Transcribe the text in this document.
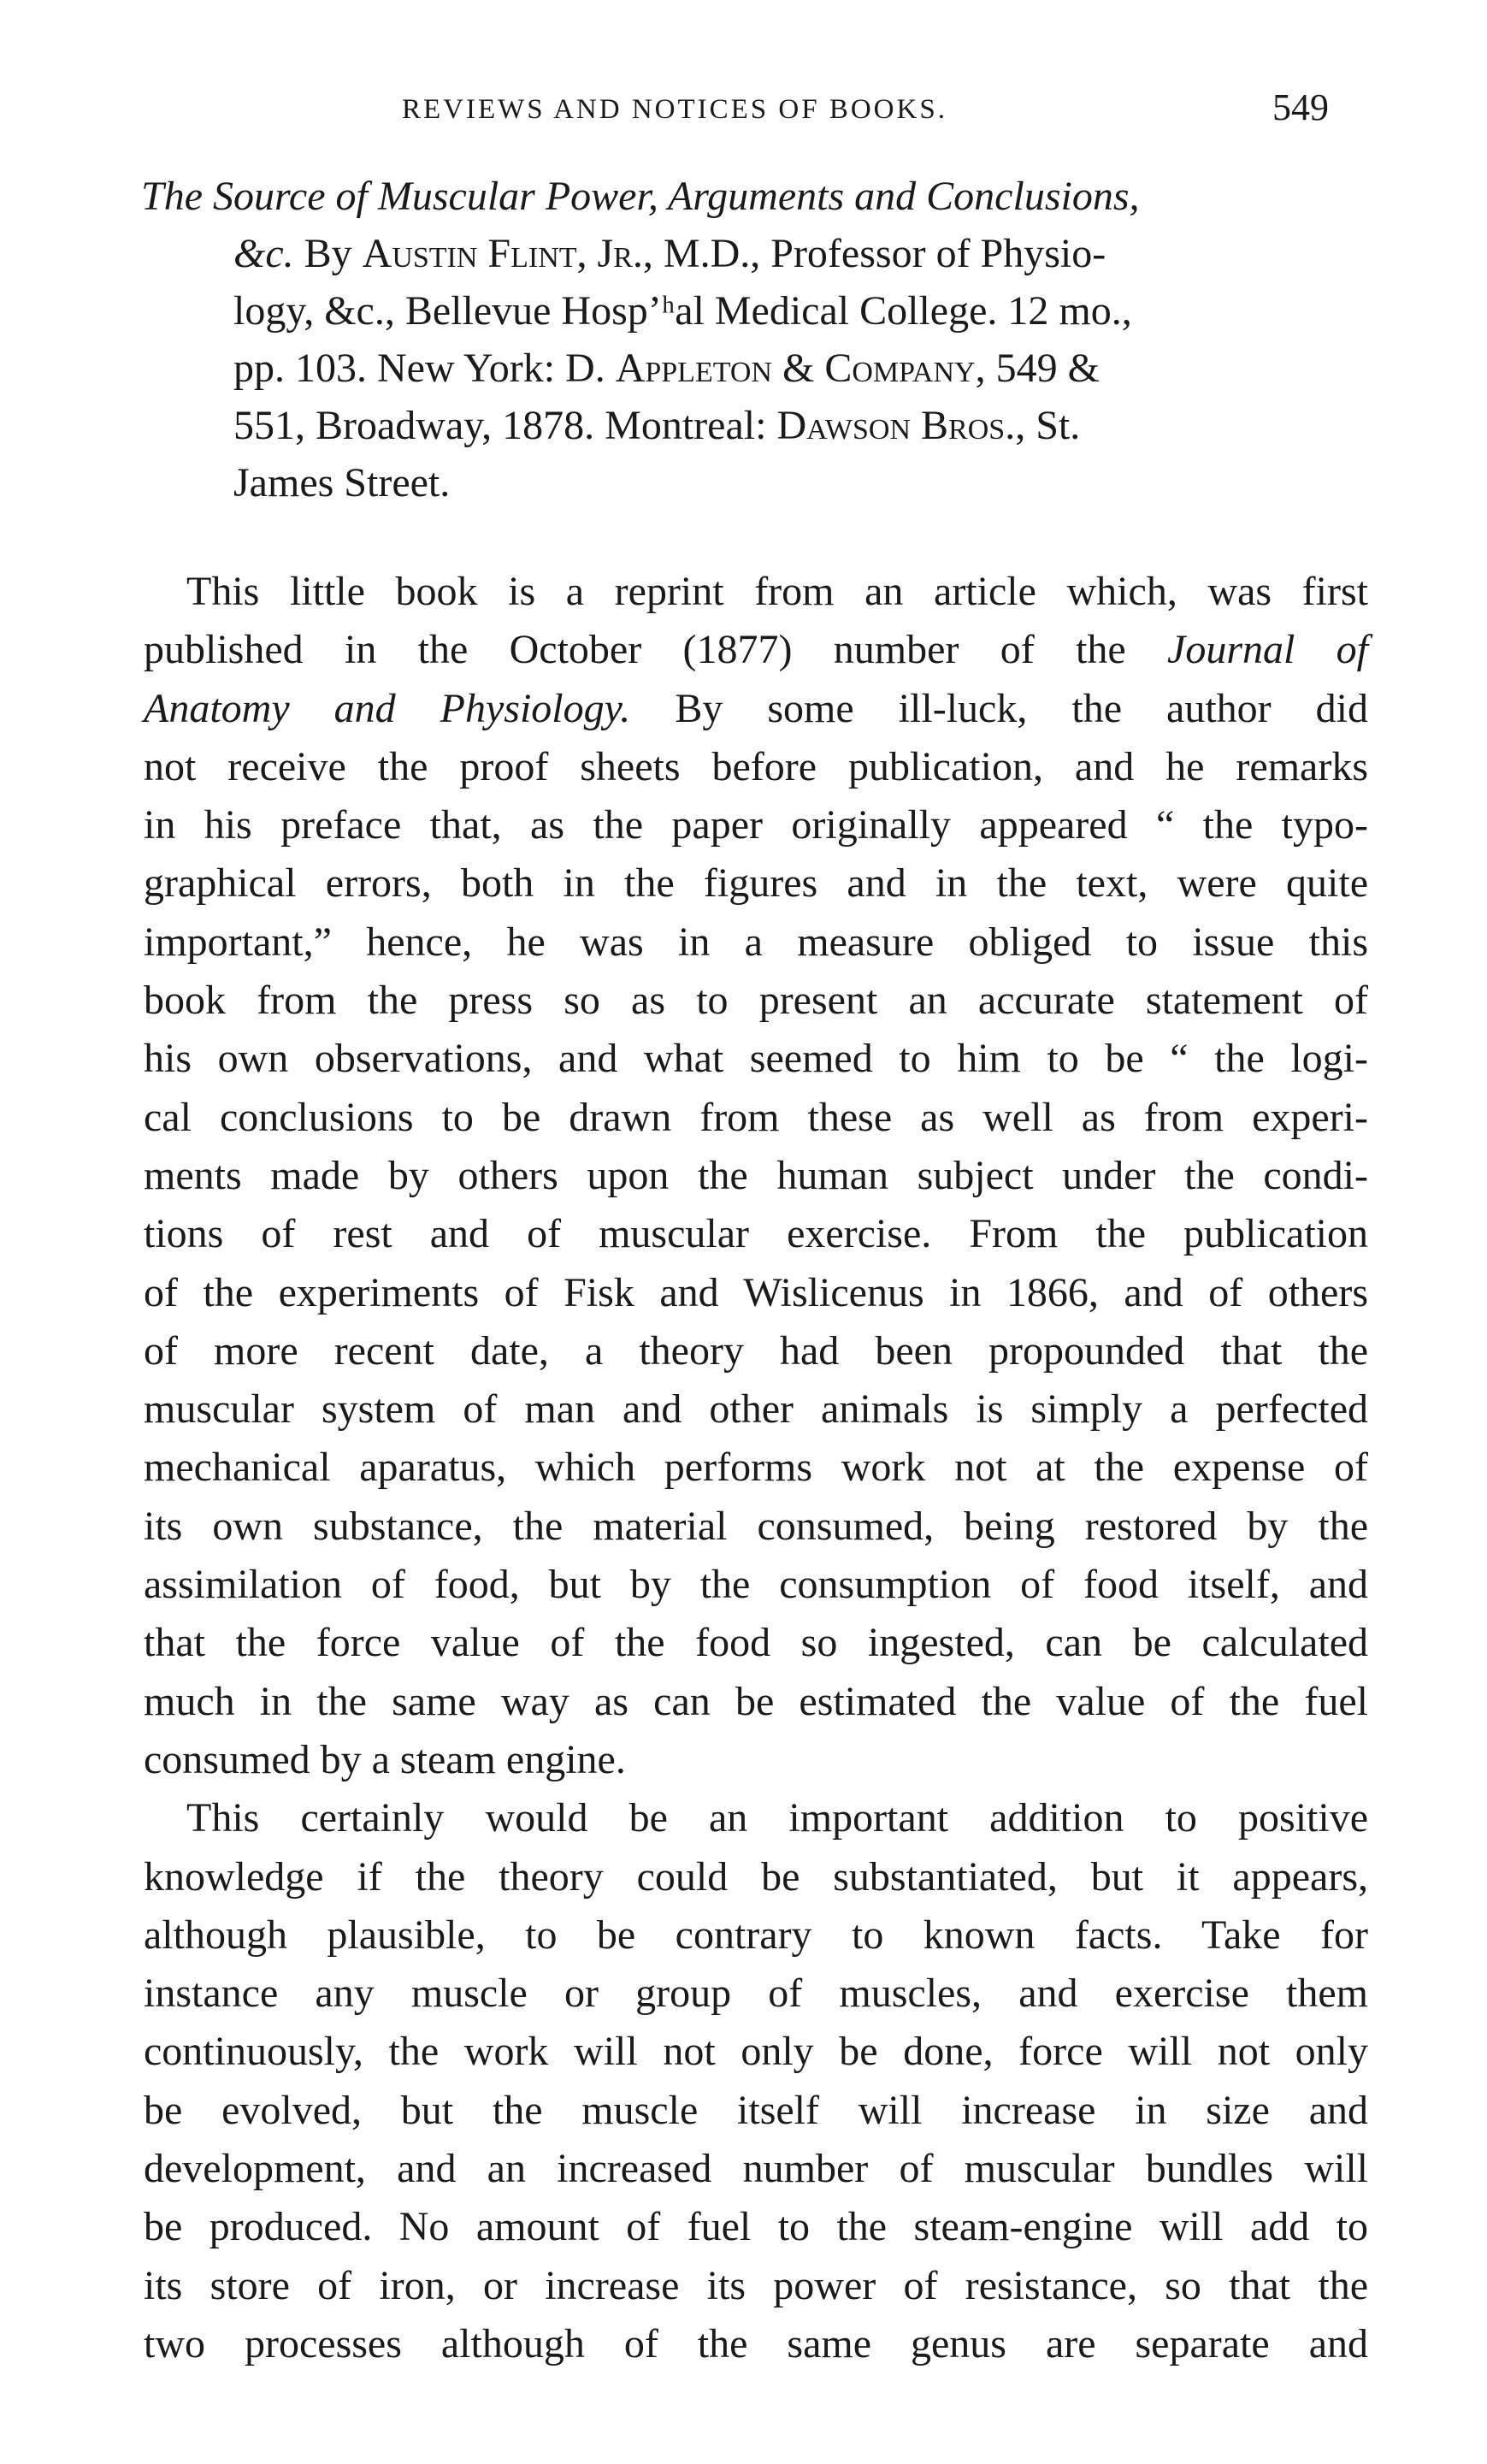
REVIEWS AND NOTICES OF BOOKS.	549
The Source of Muscular Power, Arguments and Conclusions,
&c. By Austin Flint, Jr., M.D., Professor of Physio-
logy, &c., Bellevue Hospʼʰal Medical College. 12 mo.,
pp. 103. New York: D. Appleton & Company, 549 &
551, Broadway, 1878. Montreal: Dawson Bros., St.
James Street.
This little book is a reprint from an article which, was first
published in the October (1877) number of the Journal of
Anatomy and Physiology. By some ill-luck, the author did
not receive the proof sheets before publication, and he remarks
in his preface that, as the paper originally appeared “ the typo-
graphical errors, both in the figures and in the text, were quite
important,” hence, he was in a measure obliged to issue this
book from the press so as to present an accurate statement of
his own observations, and what seemed to him to be “ the logi-
cal conclusions to be drawn from these as well as from experi-
ments made by others upon the human subject under the condi-
tions of rest and of muscular exercise. From the publication
of the experiments of Fisk and Wislicenus in 1866, and of others
of more recent date, a theory had been propounded that the
muscular system of man and other animals is simply a perfected
mechanical aparatus, which performs work not at the expense of
its own substance, the material consumed, being restored by the
assimilation of food, but by the consumption of food itself, and
that the force value of the food so ingested, can be calculated
much in the same way as can be estimated the value of the fuel
consumed by a steam engine.
This certainly would be an important addition to positive
knowledge if the theory could be substantiated, but it appears,
although plausible, to be contrary to known facts. Take for
instance any muscle or group of muscles, and exercise them
continuously, the work will not only be done, force will not only
be evolved, but the muscle itself will increase in size and
development, and an increased number of muscular bundles will
be produced. No amount of fuel to the steam-engine will add to
its store of iron, or increase its power of resistance, so that the
two processes although of the same genus are separate and
